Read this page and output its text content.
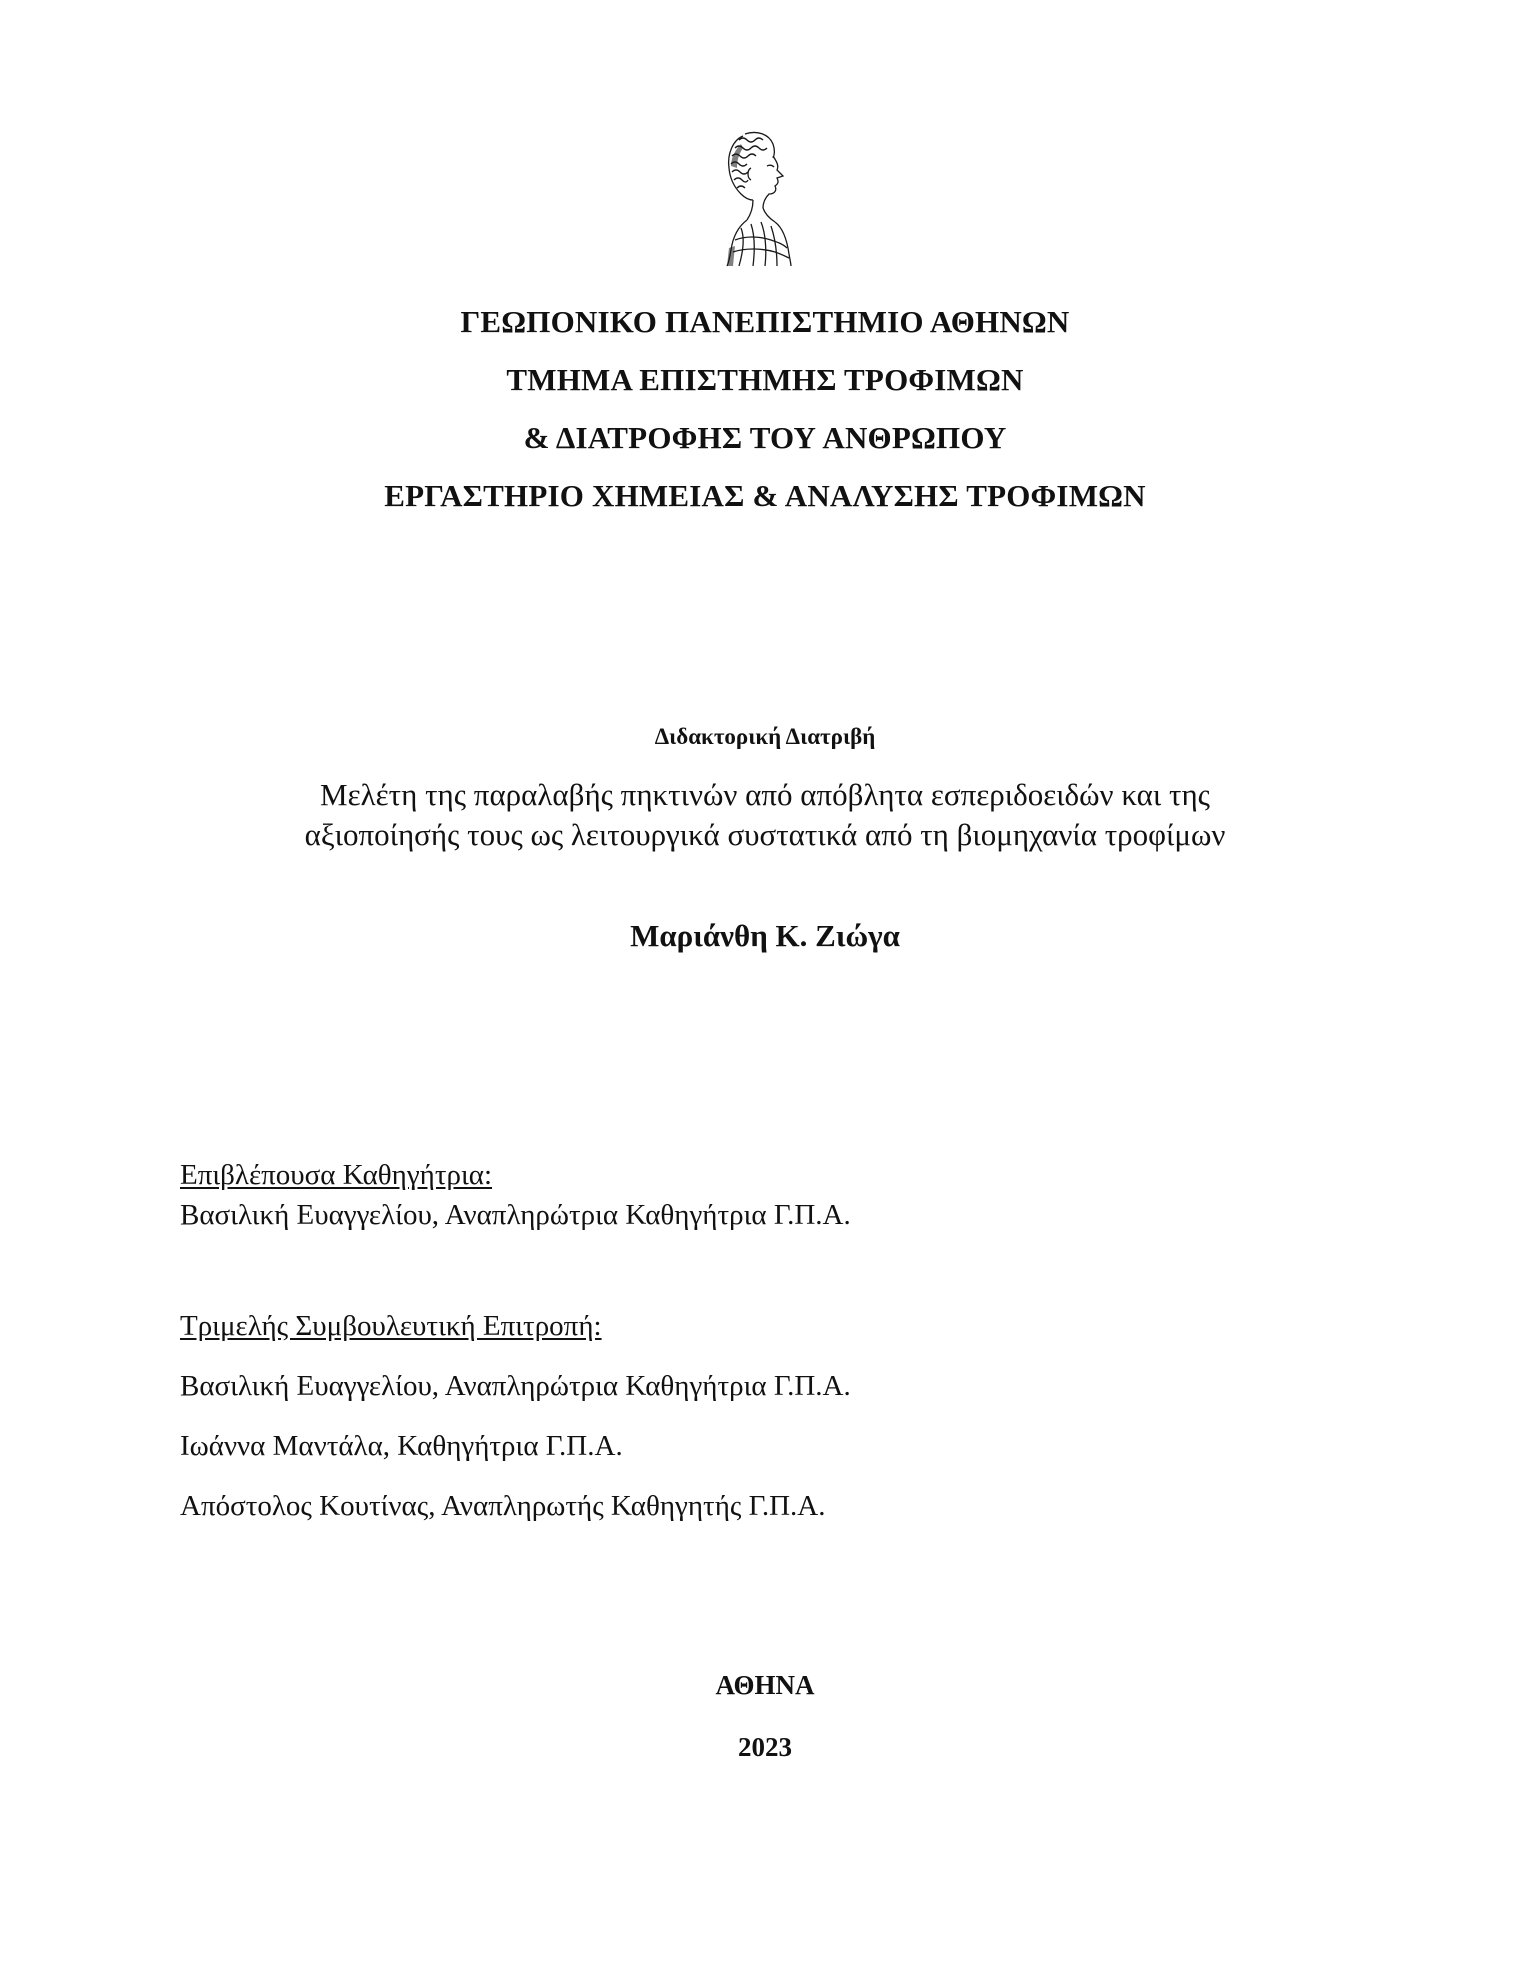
ΓΕΩΠΟΝΙΚΟ ΠΑΝΕΠΙΣΤΗΜΙΟ ΑΘΗΝΩΝ
ΤΜΗΜΑ ΕΠΙΣΤΗΜΗΣ ΤΡΟΦΙΜΩΝ
& ΔΙΑΤΡΟΦΗΣ ΤΟΥ ΑΝΘΡΩΠΟΥ
ΕΡΓΑΣΤΗΡΙΟ ΧΗΜΕΙΑΣ & ΑΝΑΛΥΣΗΣ ΤΡΟΦΙΜΩΝ
Διδακτορική Διατριβή
Μελέτη της παραλαβής πηκτινών από απόβλητα εσπεριδοειδών και της
αξιοποίησής τους ως λειτουργικά συστατικά από τη βιομηχανία τροφίμων
Μαριάνθη Κ. Ζιώγα
Επιβλέπουσα Καθηγήτρια:
Βασιλική Ευαγγελίου, Αναπληρώτρια Καθηγήτρια Γ.Π.Α.
Τριμελής Συμβουλευτική Επιτροπή:
Βασιλική Ευαγγελίου, Αναπληρώτρια Καθηγήτρια Γ.Π.Α.
Ιωάννα Μαντάλα, Καθηγήτρια Γ.Π.Α.
Απόστολος Κουτίνας, Αναπληρωτής Καθηγητής Γ.Π.Α.
ΑΘΗΝΑ
2023
